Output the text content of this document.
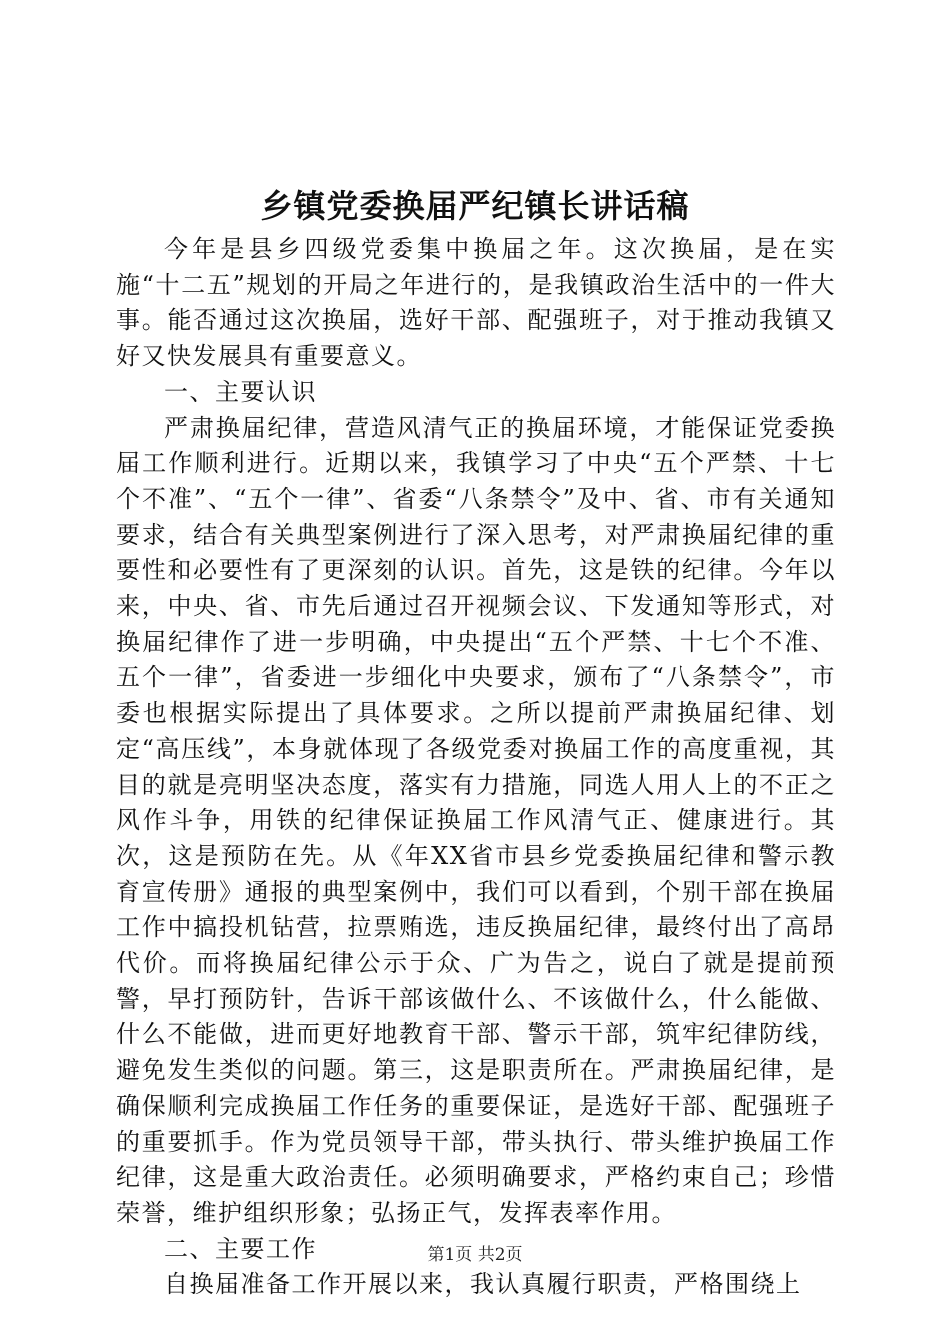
乡镇党委换届严纪镇长讲话稿

今年是县乡四级党委集中换届之年。这次换届，是在实施“十二五”规划的开局之年进行的，是我镇政治生活中的一件大事。能否通过这次换届，选好干部、配强班子，对于推动我镇又好又快发展具有重要意义。

一、主要认识

严肃换届纪律，营造风清气正的换届环境，才能保证党委换届工作顺利进行。近期以来，我镇学习了中央“五个严禁、十七个不准”、“五个一律”、省委“八条禁令”及中、省、市有关通知要求，结合有关典型案例进行了深入思考，对严肃换届纪律的重要性和必要性有了更深刻的认识。首先，这是铁的纪律。今年以来，中央、省、市先后通过召开视频会议、下发通知等形式，对换届纪律作了进一步明确，中央提出“五个严禁、十七个不准、五个一律”，省委进一步细化中央要求，颁布了“八条禁令”，市委也根据实际提出了具体要求。之所以提前严肃换届纪律、划定“高压线”，本身就体现了各级党委对换届工作的高度重视，其目的就是亮明坚决态度，落实有力措施，同选人用人上的不正之风作斗争，用铁的纪律保证换届工作风清气正、健康进行。其次，这是预防在先。从《年XX省市县乡党委换届纪律和警示教育宣传册》通报的典型案例中，我们可以看到，个别干部在换届工作中搞投机钻营，拉票贿选，违反换届纪律，最终付出了高昂代价。而将换届纪律公示于众、广为告之，说白了就是提前预警，早打预防针，告诉干部该做什么、不该做什么，什么能做、什么不能做，进而更好地教育干部、警示干部，筑牢纪律防线，避免发生类似的问题。第三，这是职责所在。严肃换届纪律，是确保顺利完成换届工作任务的重要保证，是选好干部、配强班子的重要抓手。作为党员领导干部，带头执行、带头维护换届工作纪律，这是重大政治责任。必须明确要求，严格约束自己；珍惜荣誉，维护组织形象；弘扬正气，发挥表率作用。

二、主要工作

自换届准备工作开展以来，我认真履行职责，严格围绕上

第1页 共2页
